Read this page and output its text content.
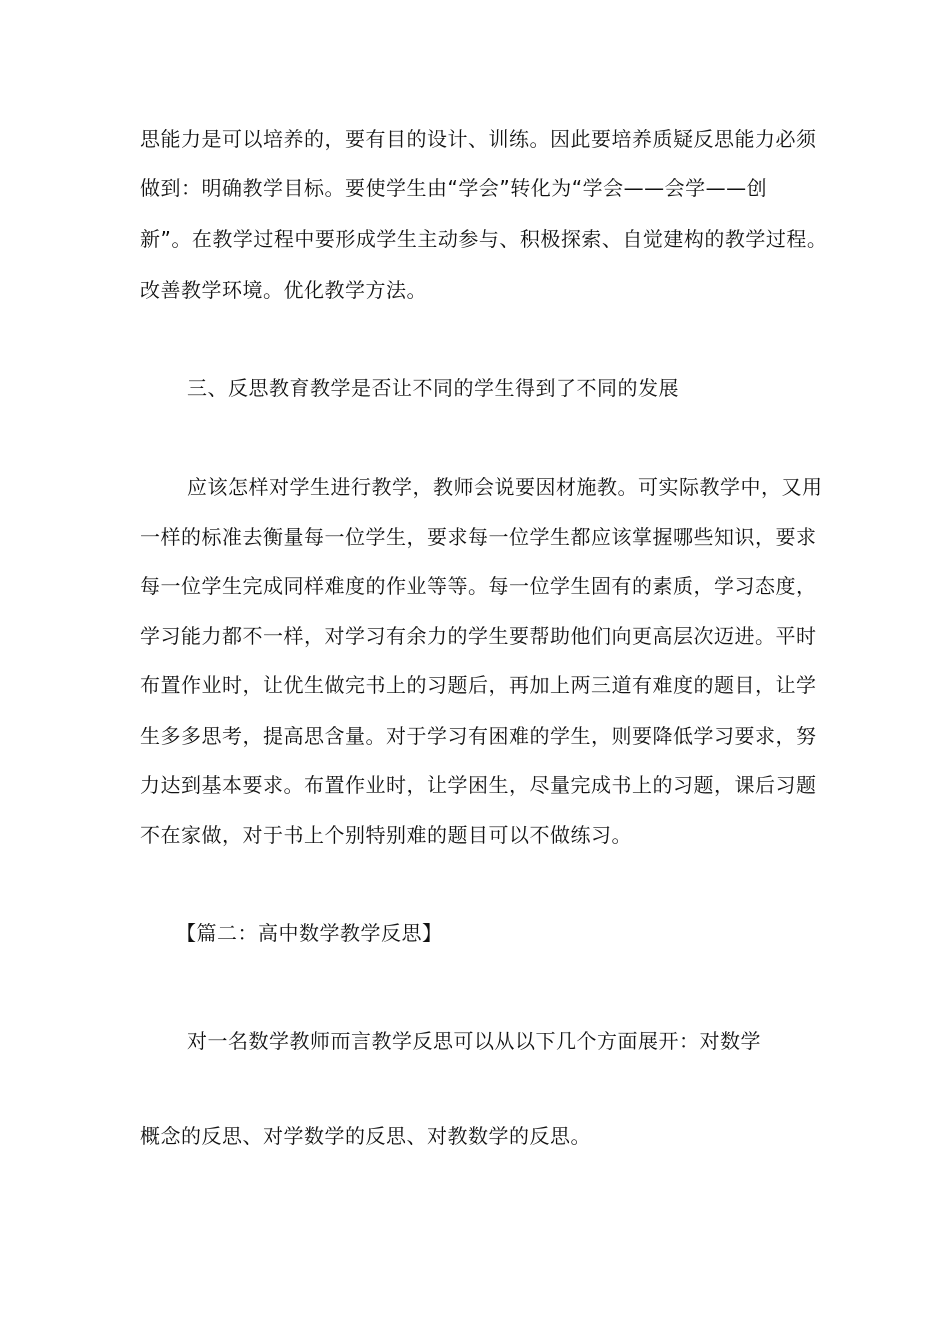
思能力是可以培养的，要有目的设计、训练。因此要培养质疑反思能力必须
做到：明确教学目标。要使学生由“学会”转化为“学会——会学——创
新”。在教学过程中要形成学生主动参与、积极探索、自觉建构的教学过程。
改善教学环境。优化教学方法。
三、反思教育教学是否让不同的学生得到了不同的发展
应该怎样对学生进行教学，教师会说要因材施教。可实际教学中，又用
一样的标准去衡量每一位学生，要求每一位学生都应该掌握哪些知识，要求
每一位学生完成同样难度的作业等等。每一位学生固有的素质，学习态度，
学习能力都不一样，对学习有余力的学生要帮助他们向更高层次迈进。平时
布置作业时，让优生做完书上的习题后，再加上两三道有难度的题目，让学
生多多思考，提高思含量。对于学习有困难的学生，则要降低学习要求，努
力达到基本要求。布置作业时，让学困生，尽量完成书上的习题，课后习题
不在家做，对于书上个别特别难的题目可以不做练习。
【篇二：高中数学教学反思】
对一名数学教师而言教学反思可以从以下几个方面展开：对数学
概念的反思、对学数学的反思、对教数学的反思。
